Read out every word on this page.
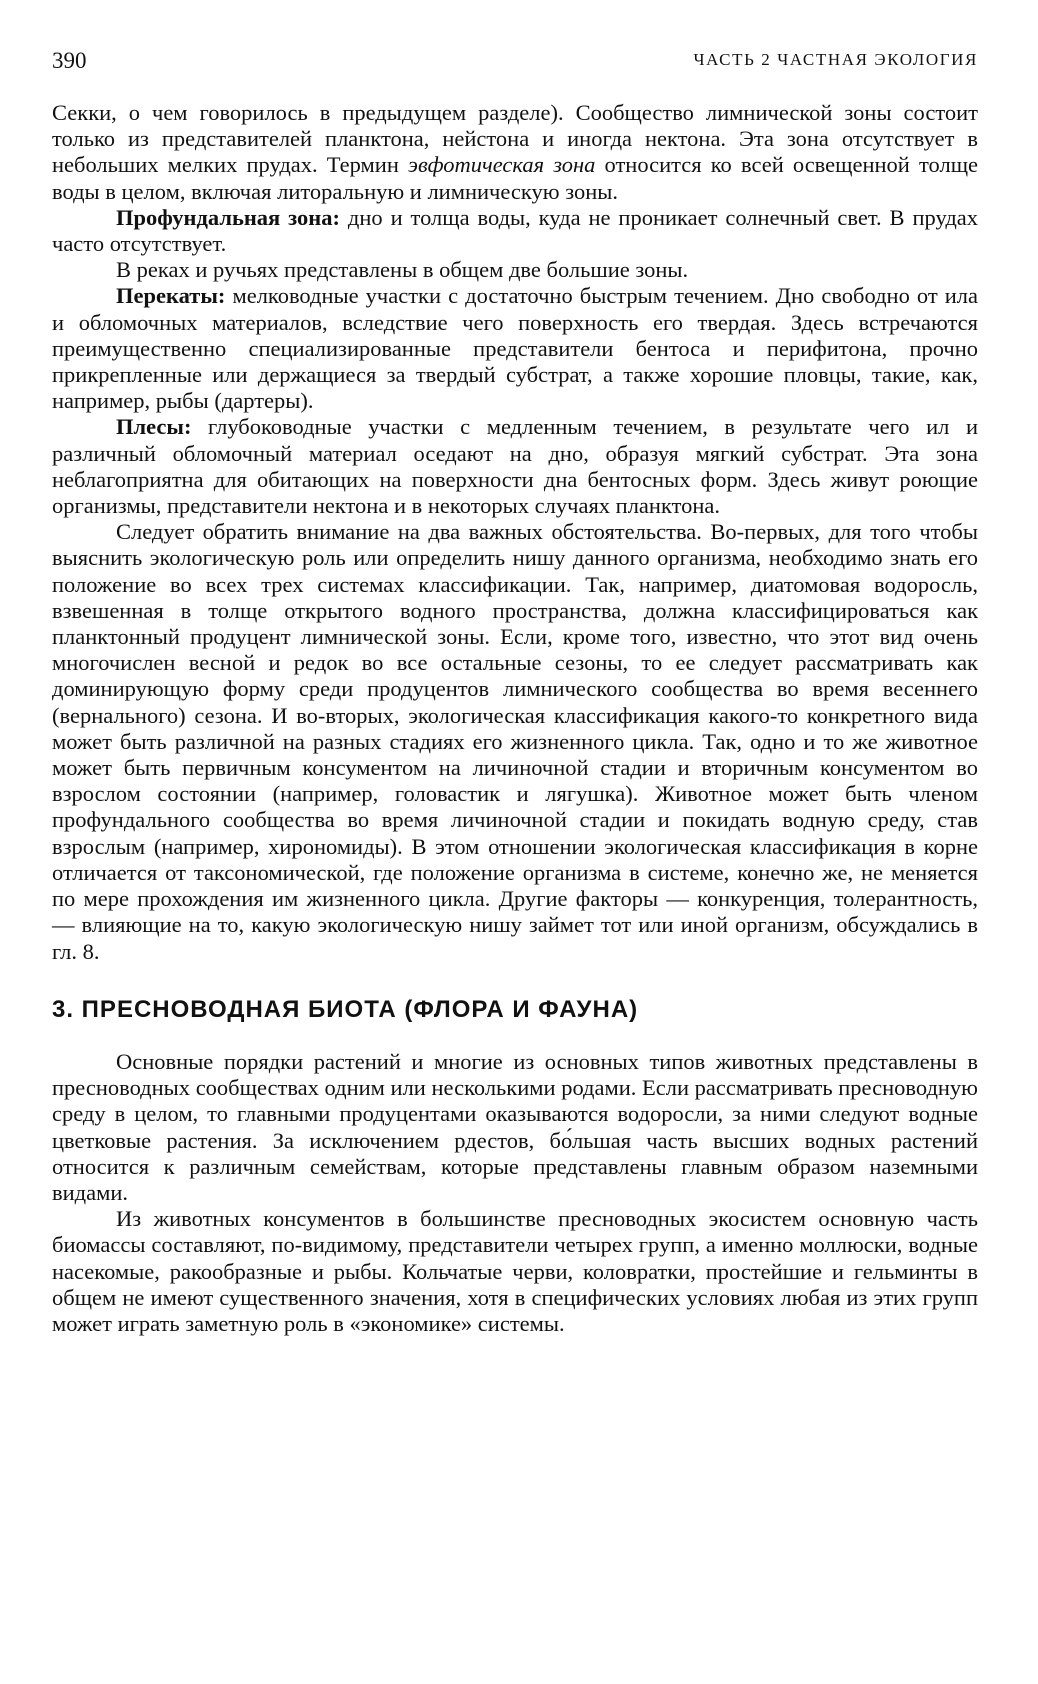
390	ЧАСТЬ 2 ЧАСТНАЯ ЭКОЛОГИЯ

Секки, о чем говорилось в предыдущем разделе). Сообщество лимнической зоны состоит только из представителей планктона, нейстона и иногда нектона. Эта зона отсутствует в небольших мелких прудах. Термин эвфотическая зона относится ко всей освещенной толще воды в целом, включая литоральную и лимническую зоны.

Профундальная зона: дно и толща воды, куда не проникает солнечный свет. В прудах часто отсутствует.

В реках и ручьях представлены в общем две большие зоны.

Перекаты: мелководные участки с достаточно быстрым течением. Дно свободно от ила и обломочных материалов, вследствие чего поверхность его твердая. Здесь встречаются преимущественно специализированные представители бентоса и перифитона, прочно прикрепленные или держащиеся за твердый субстрат, а также хорошие пловцы, такие, как, например, рыбы (дартеры).

Плесы: глубоководные участки с медленным течением, в результате чего ил и различный обломочный материал оседают на дно, образуя мягкий субстрат. Эта зона неблагоприятна для обитающих на поверхности дна бентосных форм. Здесь живут роющие организмы, представители нектона и в некоторых случаях планктона.

Следует обратить внимание на два важных обстоятельства. Во-первых, для того чтобы выяснить экологическую роль или определить нишу данного организма, необходимо знать его положение во всех трех системах классификации. Так, например, диатомовая водоросль, взвешенная в толще открытого водного пространства, должна классифицироваться как планктонный продуцент лимнической зоны. Если, кроме того, известно, что этот вид очень многочислен весной и редок во все остальные сезоны, то ее следует рассматривать как доминирующую форму среди продуцентов лимнического сообщества во время весеннего (вернального) сезона. И во-вторых, экологическая классификация какого-то конкретного вида может быть различной на разных стадиях его жизненного цикла. Так, одно и то же животное может быть первичным консументом на личиночной стадии и вторичным консументом во взрослом состоянии (например, головастик и лягушка). Животное может быть членом профундального сообщества во время личиночной стадии и покидать водную среду, став взрослым (например, хирономиды). В этом отношении экологическая классификация в корне отличается от таксономической, где положение организма в системе, конечно же, не меняется по мере прохождения им жизненного цикла. Другие факторы — конкуренция, толерантность, — влияющие на то, какую экологическую нишу займет тот или иной организм, обсуждались в гл. 8.

3. ПРЕСНОВОДНАЯ БИОТА (ФЛОРА И ФАУНА)

Основные порядки растений и многие из основных типов животных представлены в пресноводных сообществах одним или несколькими родами. Если рассматривать пресноводную среду в целом, то главными продуцентами оказываются водоросли, за ними следуют водные цветковые растения. За исключением рдестов, бо́льшая часть высших водных растений относится к различным семействам, которые представлены главным образом наземными видами.

Из животных консументов в большинстве пресноводных экосистем основную часть биомассы составляют, по-видимому, представители четырех групп, а именно моллюски, водные насекомые, ракообразные и рыбы. Кольчатые черви, коловратки, простейшие и гельминты в общем не имеют существенного значения, хотя в специфических условиях любая из этих групп может играть заметную роль в «экономике» системы.
